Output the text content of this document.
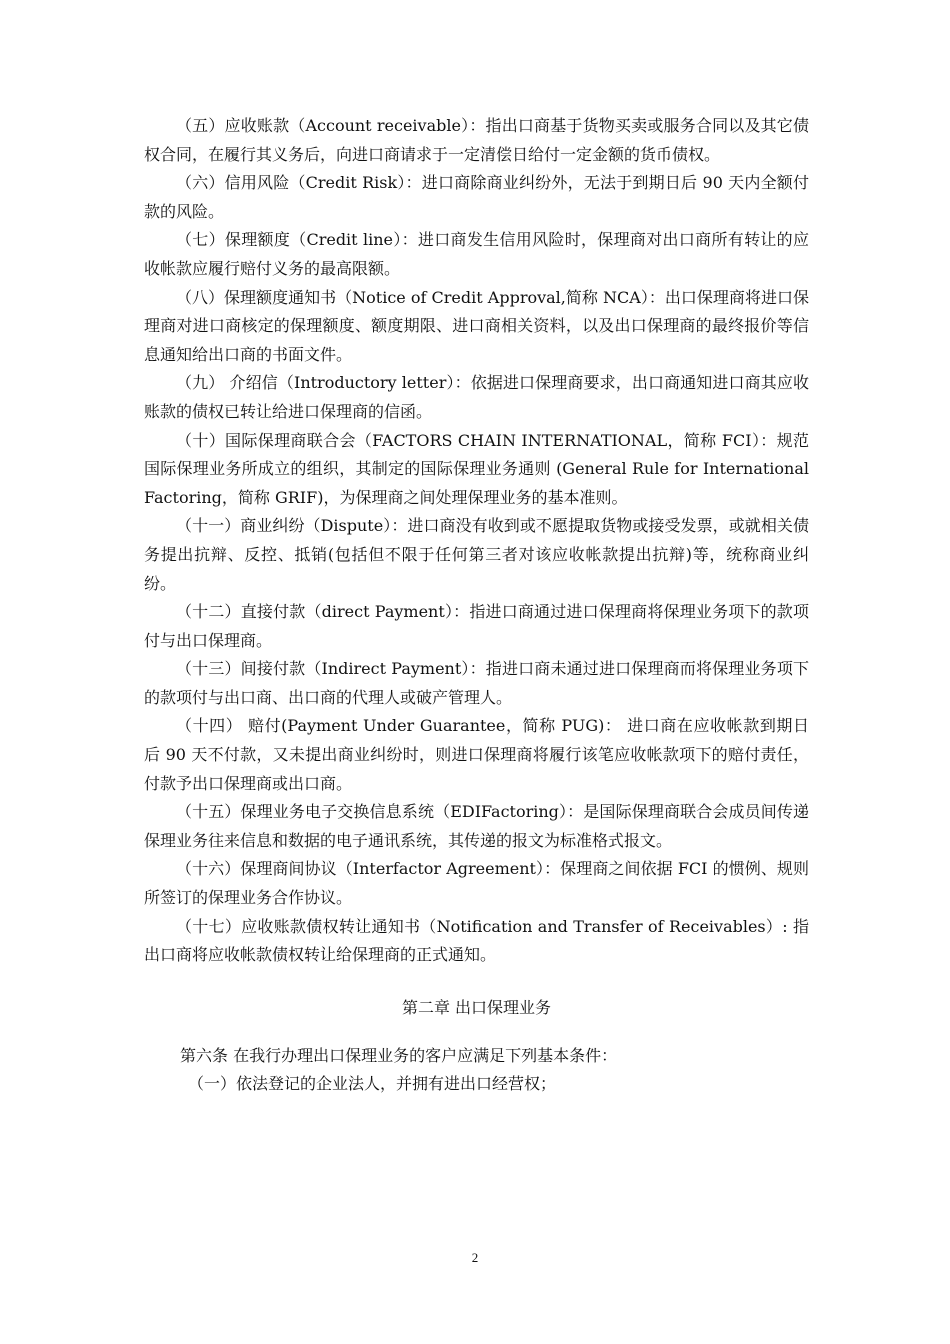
（五）应收账款（Account receivable）：指出口商基于货物买卖或服务合同以及其它债权合同，在履行其义务后，向进口商请求于一定清偿日给付一定金额的货币债权。

（六）信用风险（Credit Risk）：进口商除商业纠纷外，无法于到期日后 90 天内全额付款的风险。

（七）保理额度（Credit line）：进口商发生信用风险时，保理商对出口商所有转让的应收帐款应履行赔付义务的最高限额。

（八）保理额度通知书（Notice of Credit Approval,简称 NCA）：出口保理商将进口保理商对进口商核定的保理额度、额度期限、进口商相关资料，以及出口保理商的最终报价等信息通知给出口商的书面文件。

（九） 介绍信（Introductory letter）：依据进口保理商要求，出口商通知进口商其应收账款的债权已转让给进口保理商的信函。

（十）国际保理商联合会（FACTORS CHAIN INTERNATIONAL，简称 FCI）：规范国际保理业务所成立的组织，其制定的国际保理业务通则 (General Rule for International Factoring，简称 GRIF)，为保理商之间处理保理业务的基本准则。

（十一）商业纠纷（Dispute）：进口商没有收到或不愿提取货物或接受发票，或就相关债务提出抗辩、反控、抵销(包括但不限于任何第三者对该应收帐款提出抗辩)等，统称商业纠纷。

（十二）直接付款（direct Payment）：指进口商通过进口保理商将保理业务项下的款项付与出口保理商。

（十三）间接付款（Indirect Payment）：指进口商未通过进口保理商而将保理业务项下的款项付与出口商、出口商的代理人或破产管理人。

（十四） 赔付(Payment Under Guarantee，简称 PUG)： 进口商在应收帐款到期日后 90 天不付款，又未提出商业纠纷时，则进口保理商将履行该笔应收帐款项下的赔付责任，付款予出口保理商或出口商。

（十五）保理业务电子交换信息系统（EDIFactoring）：是国际保理商联合会成员间传递保理业务往来信息和数据的电子通讯系统，其传递的报文为标准格式报文。

（十六）保理商间协议（Interfactor Agreement）：保理商之间依据 FCI 的惯例、规则所签订的保理业务合作协议。

（十七）应收账款债权转让通知书（Notification and Transfer of Receivables）: 指出口商将应收帐款债权转让给保理商的正式通知。

第二章 出口保理业务

第六条 在我行办理出口保理业务的客户应满足下列基本条件：

（一）依法登记的企业法人，并拥有进出口经营权；

2
